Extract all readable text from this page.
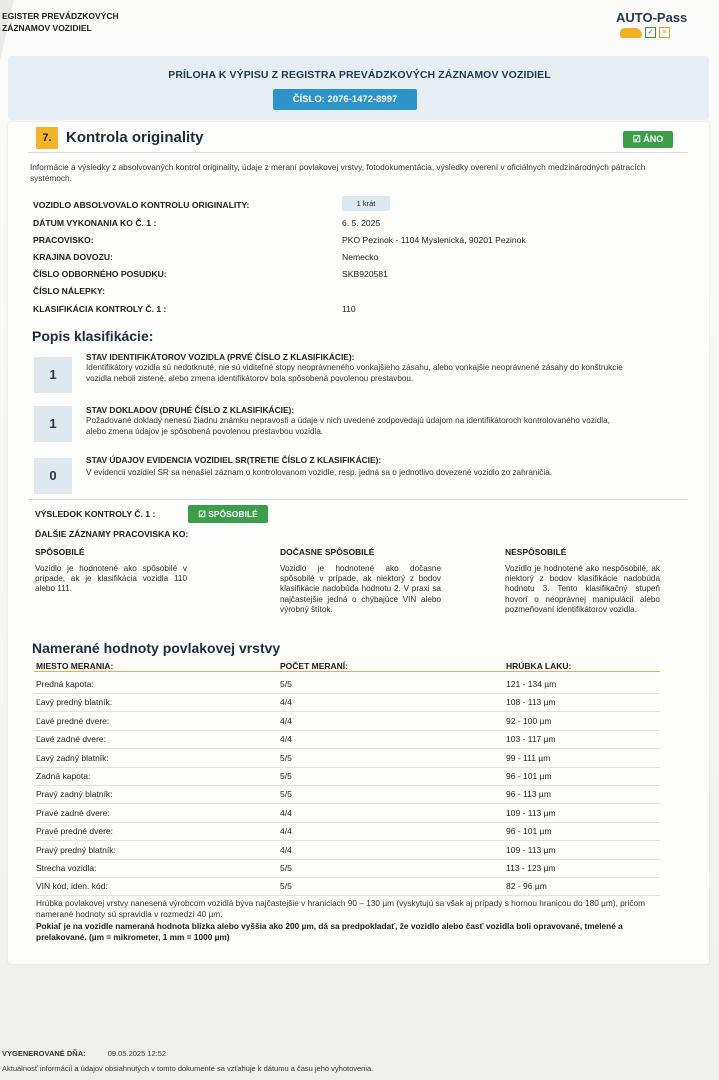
EGISTER PREVÁDZKOVÝCH
ZÁZNAMOV VOZIDIEL
AUTO-Pass
✓	≡
PRÍLOHA K VÝPISU Z REGISTRA PREVÁDZKOVÝCH ZÁZNAMOV VOZIDIEL
ČÍSLO: 2076-1472-8997
7. Kontrola originality	☑ ÁNO
Informácie a výsledky z absolvovaných kontrol originality, údaje z meraní povlakovej vrstvy, fotodokumentácia, výsledky overení v oficiálnych medzinárodných pátracích systémoch.
VOZIDLO ABSOLVOVALO KONTROLU ORIGINALITY:	1 krát
DÁTUM VYKONANIA KO Č. 1 :	6. 5. 2025
PRACOVISKO:	PKO Pezinok - 1104 Myslenická, 90201 Pezinok
KRAJINA DOVOZU:	Nemecko
ČÍSLO ODBORNÉHO POSUDKU:	SKB920581
ČÍSLO NÁLEPKY:
KLASIFIKÁCIA KONTROLY Č. 1 :	110
Popis klasifikácie:
1
STAV IDENTIFIKÁTOROV VOZIDLA (PRVÉ ČÍSLO Z KLASIFIKÁCIE):
Identifikátory vozidla sú nedotknuté, nie sú viditeľné stopy neoprávneného vonkajšieho zásahu, alebo vonkajšie neoprávnené zásahy do konštrukcie vozidla neboli zistené, alebo zmena identifikátorov bola spôsobená povolenou prestavbou.
1
STAV DOKLADOV (DRUHÉ ČÍSLO Z KLASIFIKÁCIE):
Požadované doklady nenesú žiadnu známku nepravosti a údaje v nich uvedené zodpovedajú údajom na identifikátoroch kontrolovaného vozidla, alebo zmena údajov je spôsobená povolenou prestavbou vozidla.
0
STAV ÚDAJOV EVIDENCIA VOZIDIEL SR(TRETIE ČÍSLO Z KLASIFIKÁCIE):
V evidencii vozidiel SR sa nenašiel záznam o kontrolovanom vozidle, resp. jedná sa o jednotlivo dovezené vozidlo zo zahraničia.
VÝSLEDOK KONTROLY Č. 1 :	☑ SPÔSOBILÉ
ĎALŠIE ZÁZNAMY PRACOVISKA KO:
SPÔSOBILÉ
Vozidlo je hodnotené ako spôsobilé v prípade, ak je klasifikácia vozidla 110 alebo 111.
DOČASNE SPÔSOBILÉ
Vozidlo je hodnotené ako dočasne spôsobilé v prípade, ak niektorý z bodov klasifikácie nadobúda hodnotu 2. V praxi sa najčastejšie jedná o chýbajúce VIN alebo výrobný štítok.
NESPÔSOBILÉ
Vozidlo je hodnotené ako nespôsobilé, ak niektorý z bodov klasifikácie nadobúda hodnotu 3. Tento klasifikačný stupeň hovorí o neoprávnej manipulácii alebo pozmeňovaní identifikátorov vozidla.
Namerané hodnoty povlakovej vrstvy
MIESTO MERANIA:	POČET MERANÍ:	HRÚBKA LAKU:
Predná kapota:	5/5	121 - 134 µm
Ľavý predný blatník:	4/4	108 - 113 µm
Ľavé predné dvere:	4/4	92 - 100 µm
Ľavé zadné dvere:	4/4	103 - 117 µm
Ľavý zadný blatník:	5/5	99 - 111 µm
Zadná kapota:	5/5	96 - 101 µm
Pravý zadný blatník:	5/5	96 - 113 µm
Pravé zadné dvere:	4/4	109 - 113 µm
Pravé predné dvere:	4/4	96 - 101 µm
Pravý predný blatník:	4/4	109 - 113 µm
Strecha vozidla:	5/5	113 - 123 µm
VIN kód, iden. kód:	5/5	82 - 96 µm
Hrúbka povlakovej vrstvy nanesená výrobcom vozidlá býva najčastejšie v hraniciach 90 – 130 µm (vyskytujú sa však aj prípady s hornou hranicou do 180 µm), pričom namerané hodnoty sú spravidla v rozmedzí 40 µm.
Pokiaľ je na vozidle nameraná hodnota blízka alebo vyššia ako 200 µm, dá sa predpokladať, že vozidlo alebo časť vozidla boli opravované, tmelené a prelakované. (µm = mikrometer, 1 mm = 1000 µm)
VYGENEROVANÉ DŇA:	09.05.2025 12:52
Aktuálnosť informácií a údajov obsiahnutých v tomto dokumente sa vzťahuje k dátumu a času jeho vyhotovenia.
